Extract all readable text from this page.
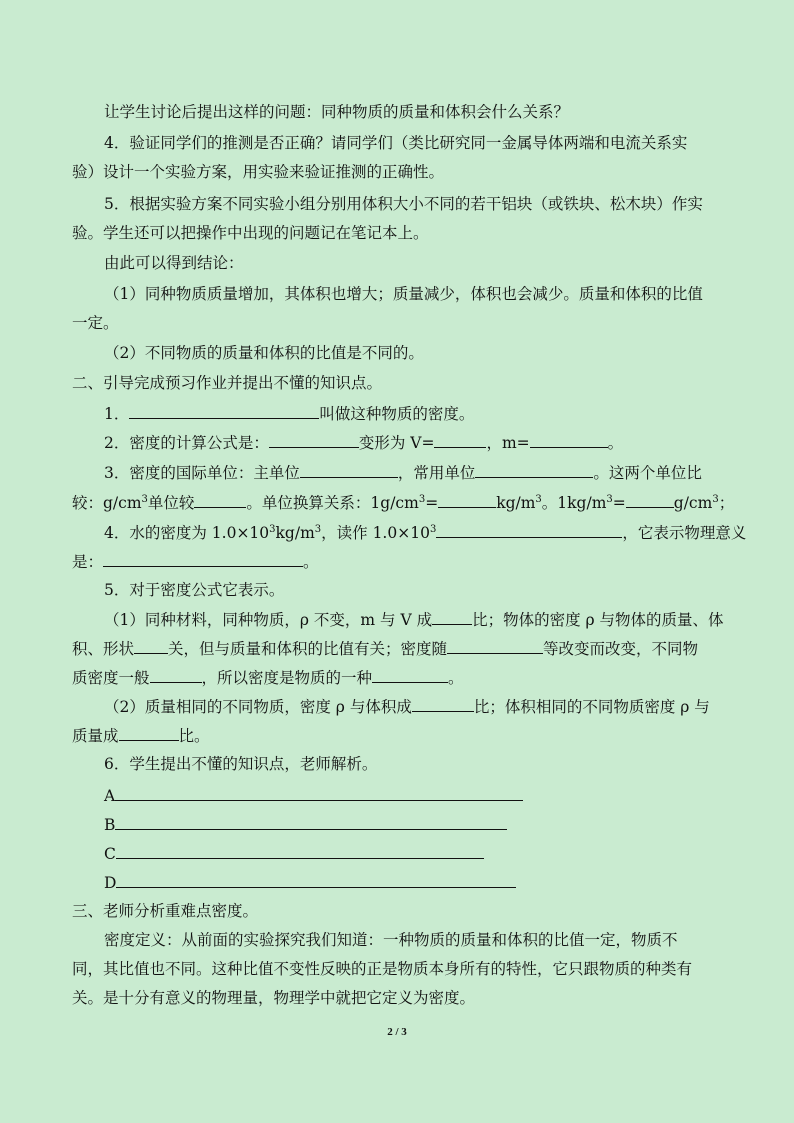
让学生讨论后提出这样的问题：同种物质的质量和体积会什么关系？
4．验证同学们的推测是否正确？请同学们（类比研究同一金属导体两端和电流关系实
验）设计一个实验方案，用实验来验证推测的正确性。
5．根据实验方案不同实验小组分别用体积大小不同的若干铝块（或铁块、松木块）作实
验。学生还可以把操作中出现的问题记在笔记本上。
由此可以得到结论：
（1）同种物质质量增加，其体积也增大；质量减少，体积也会减少。质量和体积的比值
一定。
（2）不同物质的质量和体积的比值是不同的。
二、引导完成预习作业并提出不懂的知识点。
1．	叫做这种物质的密度。
2．密度的计算公式是：	变形为 V=	，m=	。
3．密度的国际单位：主单位	，常用单位	。这两个单位比
较：$g/cm^3$单位较	。单位换算关系：$1g/cm^3=$	$kg/m^3$。$1kg/m^3=$	$g/cm^3$；
4．水的密度为 $1.0\times 10^3kg/m^3$，读作 $1.0\times 10^3$	，它表示物理意义
是：	。
5．对于密度公式它表示。
（1）同种材料，同种物质，ρ 不变，m 与 V 成	比；物体的密度 ρ 与物体的质量、体
积、形状 关，但与质量和体积的比值有关；密度随	等改变而改变，不同物
质密度一般	，所以密度是物质的一种	。
（2）质量相同的不同物质，密度 ρ 与体积成	比；体积相同的不同物质密度 ρ 与
质量成	比。
6．学生提出不懂的知识点，老师解析。
A
B
C
D
三、老师分析重难点密度。
密度定义：从前面的实验探究我们知道：一种物质的质量和体积的比值一定，物质不
同，其比值也不同。这种比值不变性反映的正是物质本身所有的特性，它只跟物质的种类有
关。是十分有意义的物理量，物理学中就把它定义为密度。
2 / 3
